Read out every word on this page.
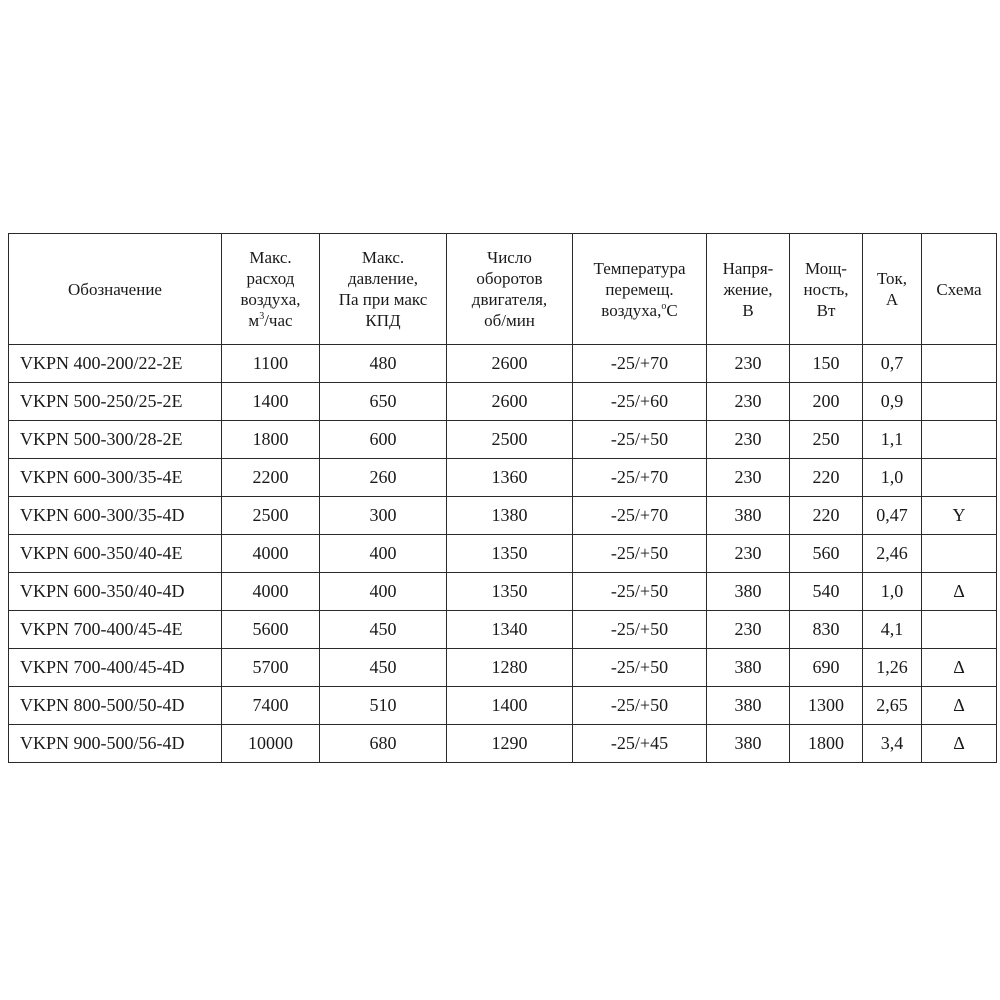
Обозначение	Макс.
расход
воздуха,
$м^3$/час	Макс.
давление,
Па при макс
КПД	Число
оборотов
двигателя,
об/мин	Температура
перемещ.
воздуха,$^о$С	Напря-
жение,
В	Мощ-
ность,
Вт	Ток,
А	Схема
VKPN 400-200/22-2E	1100	480	2600	-25/+70	230	150	0,7	
VKPN 500-250/25-2E	1400	650	2600	-25/+60	230	200	0,9	
VKPN 500-300/28-2E	1800	600	2500	-25/+50	230	250	1,1	
VKPN 600-300/35-4E	2200	260	1360	-25/+70	230	220	1,0	
VKPN 600-300/35-4D	2500	300	1380	-25/+70	380	220	0,47	Y
VKPN 600-350/40-4E	4000	400	1350	-25/+50	230	560	2,46	
VKPN 600-350/40-4D	4000	400	1350	-25/+50	380	540	1,0	Δ
VKPN 700-400/45-4E	5600	450	1340	-25/+50	230	830	4,1	
VKPN 700-400/45-4D	5700	450	1280	-25/+50	380	690	1,26	Δ
VKPN 800-500/50-4D	7400	510	1400	-25/+50	380	1300	2,65	Δ
VKPN 900-500/56-4D	10000	680	1290	-25/+45	380	1800	3,4	Δ
